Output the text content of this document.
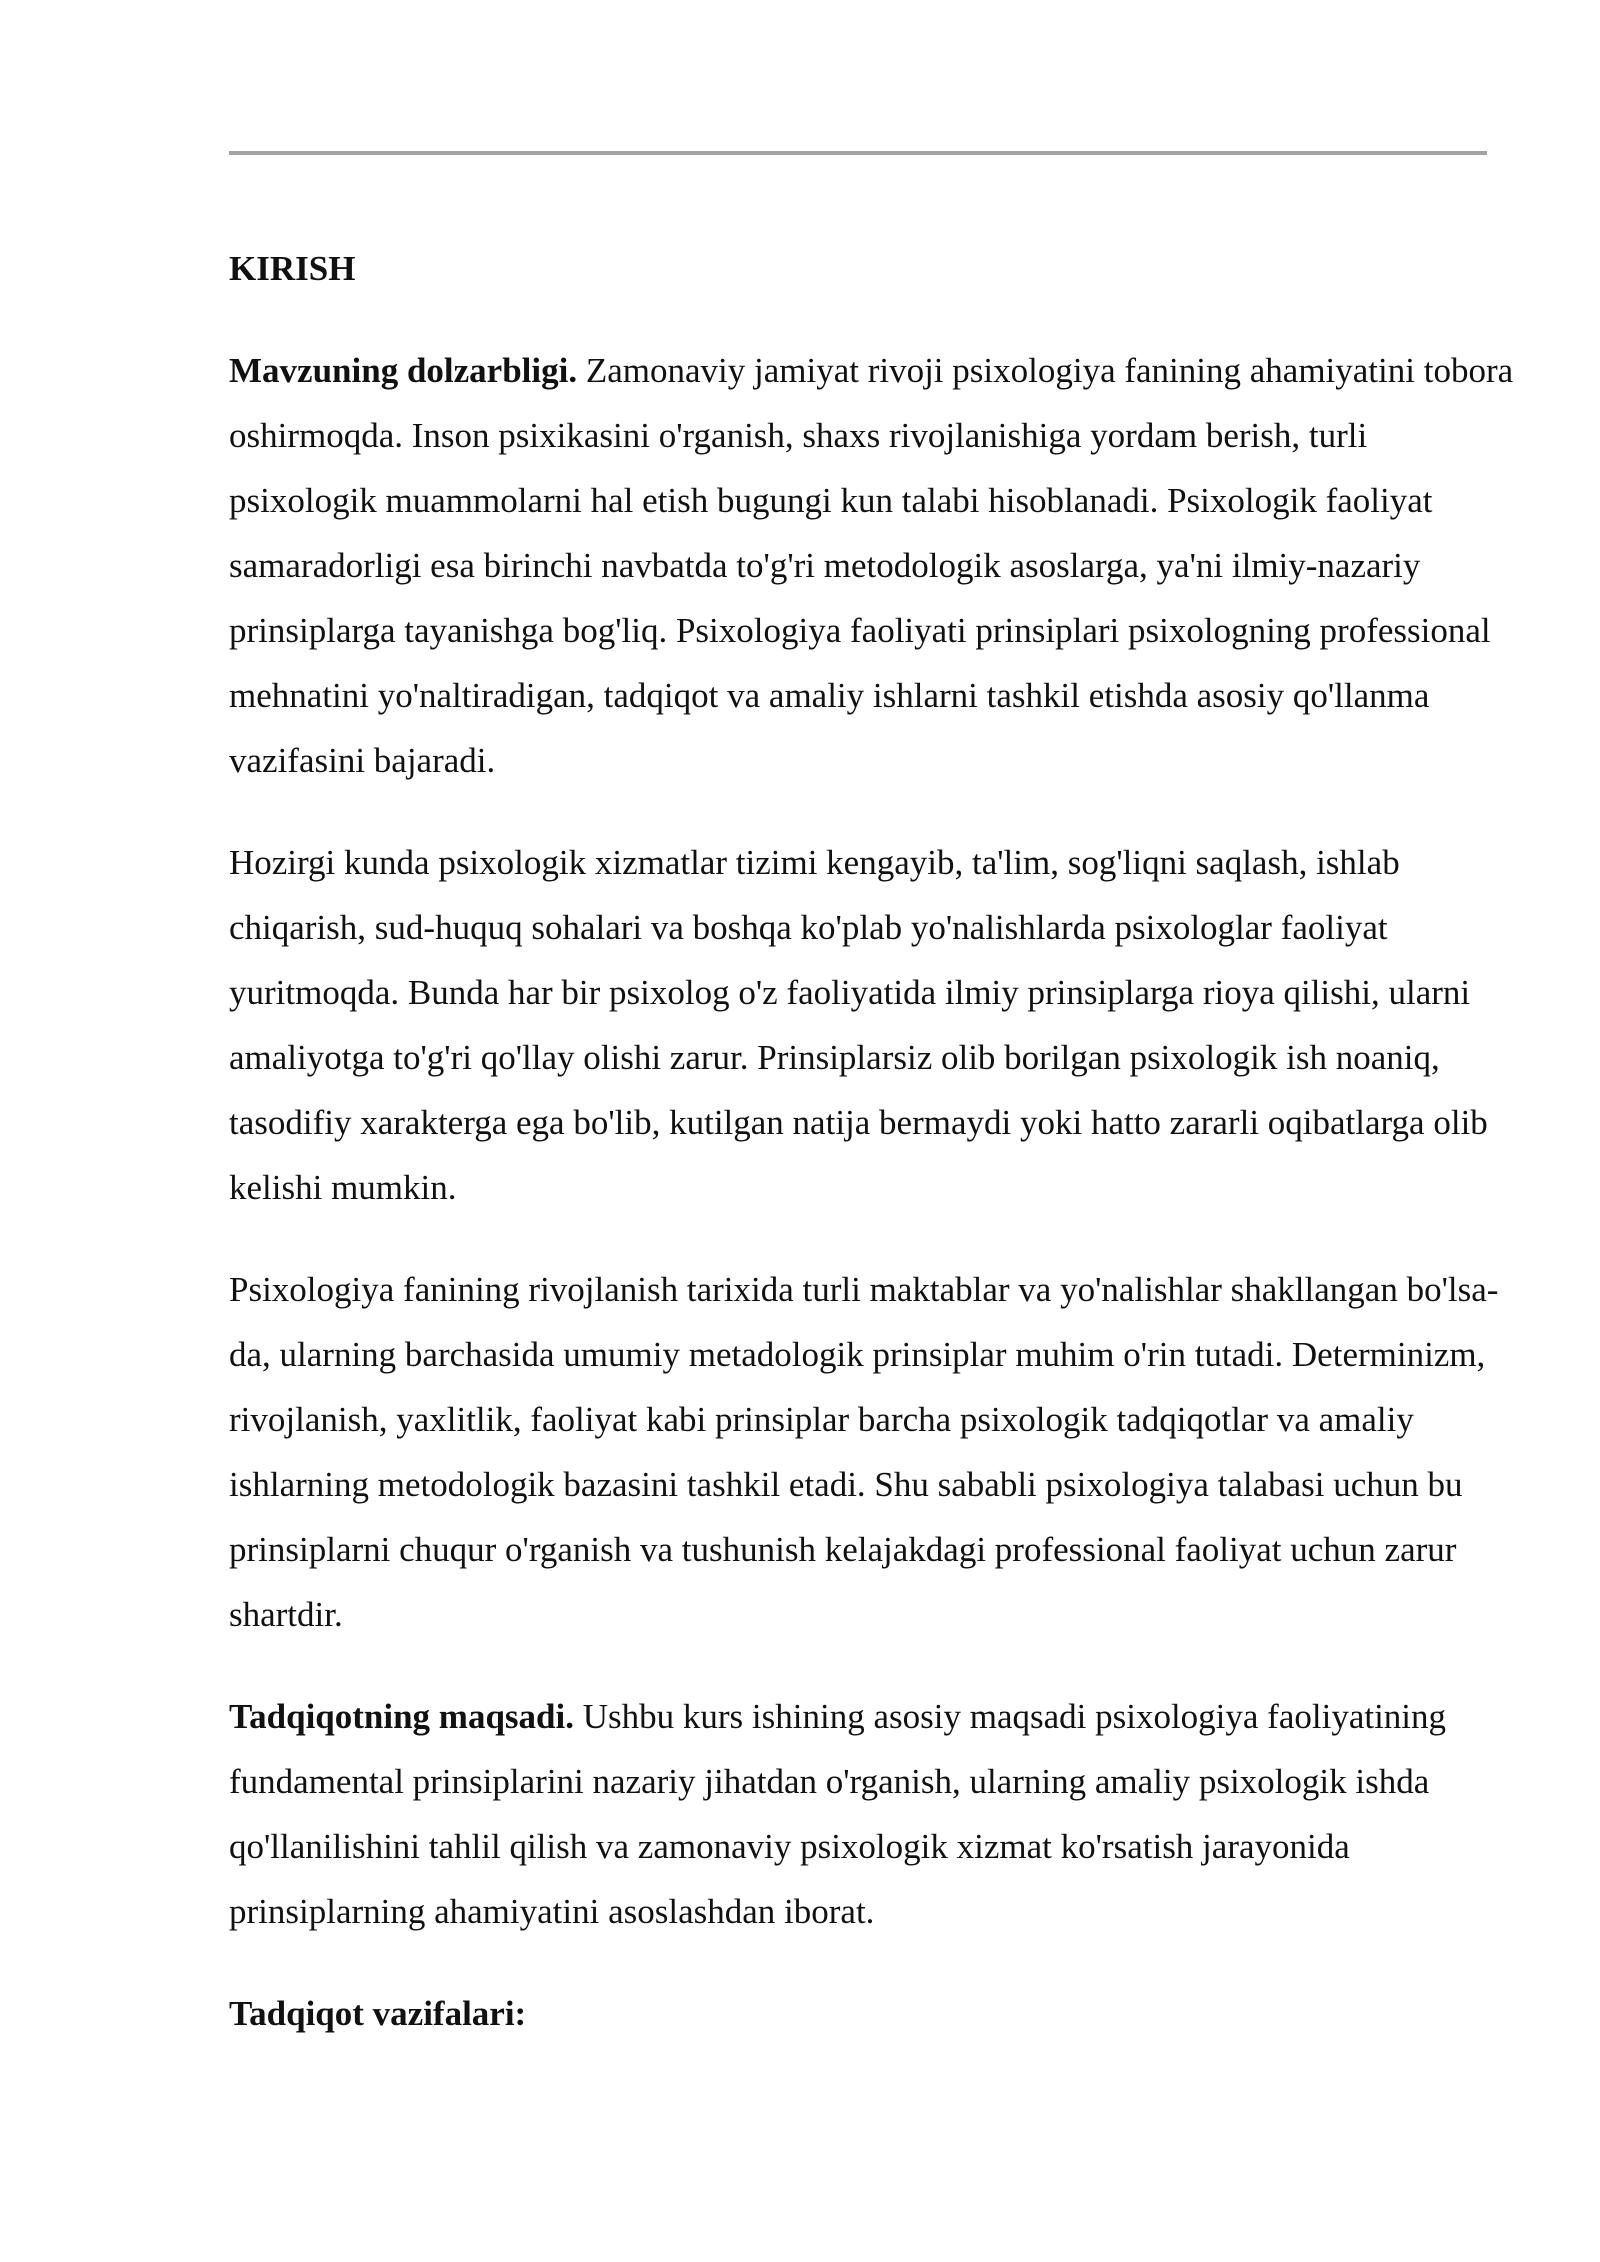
KIRISH

Mavzuning dolzarbligi. Zamonaviy jamiyat rivoji psixologiya fanining ahamiyatini tobora oshirmoqda. Inson psixikasini o'rganish, shaxs rivojlanishiga yordam berish, turli psixologik muammolarni hal etish bugungi kun talabi hisoblanadi. Psixologik faoliyat samaradorligi esa birinchi navbatda to'g'ri metodologik asoslarga, ya'ni ilmiy-nazariy prinsiplarga tayanishga bog'liq. Psixologiya faoliyati prinsiplari psixologning professional mehnatini yo'naltiradigan, tadqiqot va amaliy ishlarni tashkil etishda asosiy qo'llanma vazifasini bajaradi.

Hozirgi kunda psixologik xizmatlar tizimi kengayib, ta'lim, sog'liqni saqlash, ishlab chiqarish, sud-huquq sohalari va boshqa ko'plab yo'nalishlarda psixologlar faoliyat yuritmoqda. Bunda har bir psixolog o'z faoliyatida ilmiy prinsiplarga rioya qilishi, ularni amaliyotga to'g'ri qo'llay olishi zarur. Prinsiplarsiz olib borilgan psixologik ish noaniq, tasodifiy xarakterga ega bo'lib, kutilgan natija bermaydi yoki hatto zararli oqibatlarga olib kelishi mumkin.

Psixologiya fanining rivojlanish tarixida turli maktablar va yo'nalishlar shakllangan bo'lsa-da, ularning barchasida umumiy metadologik prinsiplar muhim o'rin tutadi. Determinizm, rivojlanish, yaxlitlik, faoliyat kabi prinsiplar barcha psixologik tadqiqotlar va amaliy ishlarning metodologik bazasini tashkil etadi. Shu sababli psixologiya talabasi uchun bu prinsiplarni chuqur o'rganish va tushunish kelajakdagi professional faoliyat uchun zarur shartdir.

Tadqiqotning maqsadi. Ushbu kurs ishining asosiy maqsadi psixologiya faoliyatining fundamental prinsiplarini nazariy jihatdan o'rganish, ularning amaliy psixologik ishda qo'llanilishini tahlil qilish va zamonaviy psixologik xizmat ko'rsatish jarayonida prinsiplarning ahamiyatini asoslashdan iborat.

Tadqiqot vazifalari:
